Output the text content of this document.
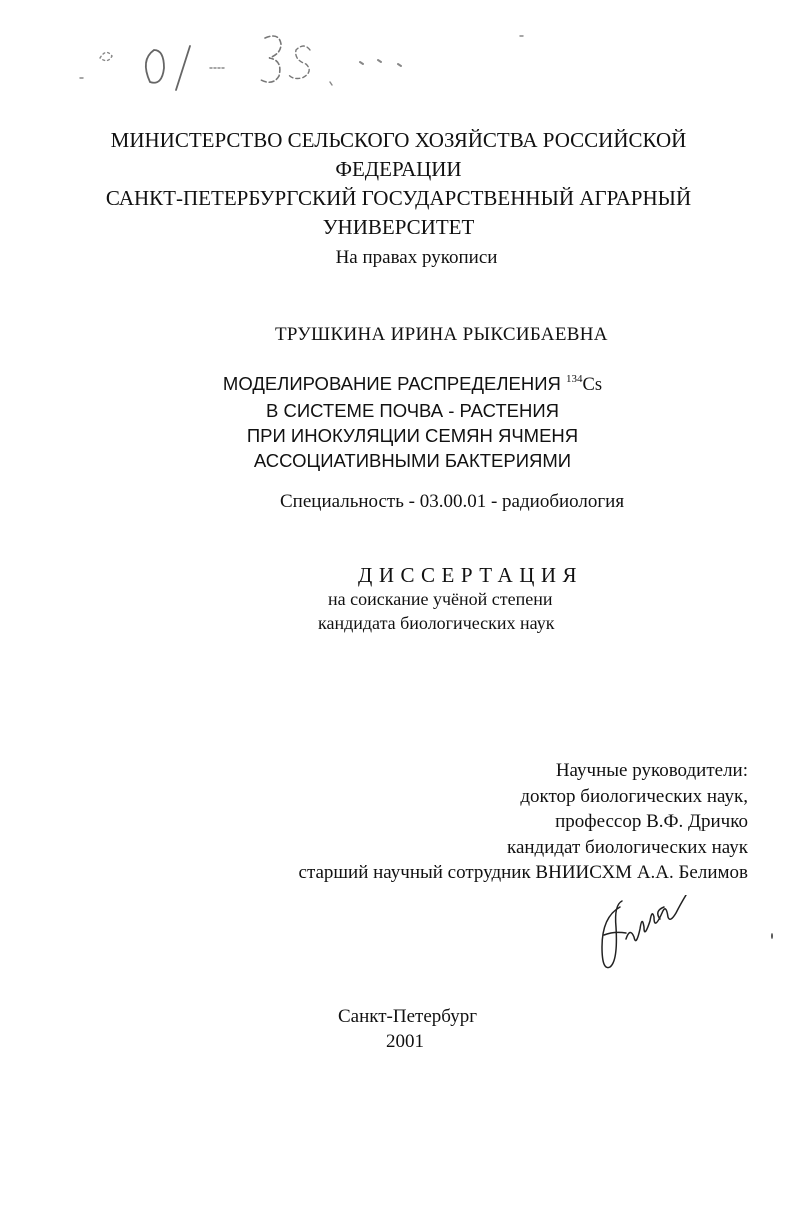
МИНИСТЕРСТВО СЕЛЬСКОГО ХОЗЯЙСТВА РОССИЙСКОЙ
ФЕДЕРАЦИИ
САНКТ-ПЕТЕРБУРГСКИЙ ГОСУДАРСТВЕННЫЙ АГРАРНЫЙ
УНИВЕРСИТЕТ
На правах рукописи
ТРУШКИНА ИРИНА РЫКСИБАЕВНА
МОДЕЛИРОВАНИЕ РАСПРЕДЕЛЕНИЯ $^{134}$Cs
В СИСТЕМЕ ПОЧВА - РАСТЕНИЯ
ПРИ ИНОКУЛЯЦИИ СЕМЯН ЯЧМЕНЯ
АССОЦИАТИВНЫМИ БАКТЕРИЯМИ
Специальность - 03.00.01 - радиобиология
ДИССЕРТАЦИЯ
на соискание учёной степени
кандидата биологических наук
Научные руководители:
доктор биологических наук,
профессор В.Ф. Дричко
кандидат биологических наук
старший научный сотрудник ВНИИСХМ А.А. Белимов
Санкт-Петербург
2001
